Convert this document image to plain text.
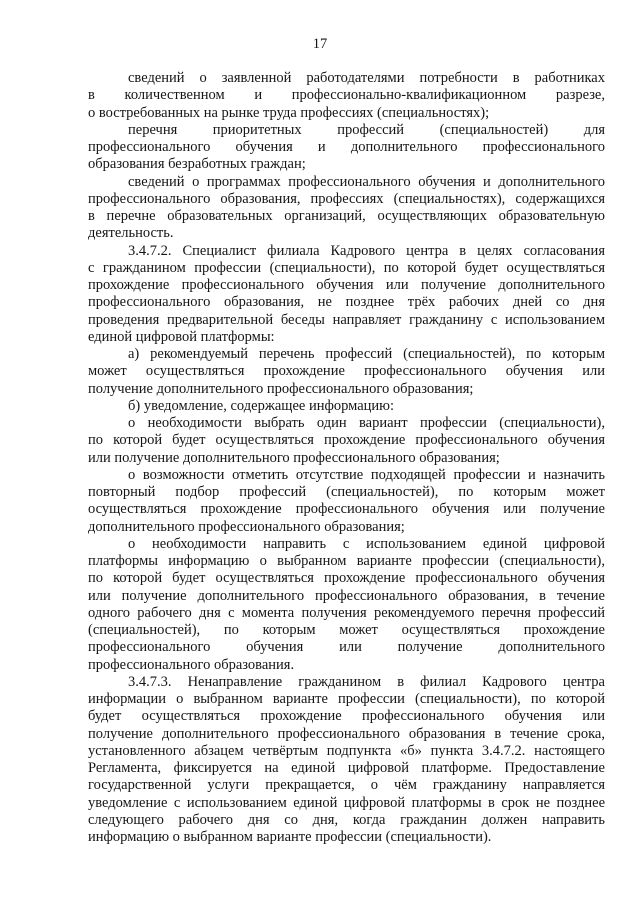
17
сведений о заявленной работодателями потребности в работниках
в количественном и профессионально-квалификационном разрезе,
о востребованных на рынке труда профессиях (специальностях);
перечня приоритетных профессий (специальностей) для
профессионального обучения и дополнительного профессионального
образования безработных граждан;
сведений о программах профессионального обучения и дополнительного
профессионального образования, профессиях (специальностях), содержащихся
в перечне образовательных организаций, осуществляющих образовательную
деятельность.
3.4.7.2. Специалист филиала Кадрового центра в целях согласования
с гражданином профессии (специальности), по которой будет осуществляться
прохождение профессионального обучения или получение дополнительного
профессионального образования, не позднее трёх рабочих дней со дня
проведения предварительной беседы направляет гражданину с использованием
единой цифровой платформы:
а) рекомендуемый перечень профессий (специальностей), по которым
может осуществляться прохождение профессионального обучения или
получение дополнительного профессионального образования;
б) уведомление, содержащее информацию:
о необходимости выбрать один вариант профессии (специальности),
по которой будет осуществляться прохождение профессионального обучения
или получение дополнительного профессионального образования;
о возможности отметить отсутствие подходящей профессии и назначить
повторный подбор профессий (специальностей), по которым может
осуществляться прохождение профессионального обучения или получение
дополнительного профессионального образования;
о необходимости направить с использованием единой цифровой
платформы информацию о выбранном варианте профессии (специальности),
по которой будет осуществляться прохождение профессионального обучения
или получение дополнительного профессионального образования, в течение
одного рабочего дня с момента получения рекомендуемого перечня профессий
(специальностей), по которым может осуществляться прохождение
профессионального обучения или получение дополнительного
профессионального образования.
3.4.7.3. Ненаправление гражданином в филиал Кадрового центра
информации о выбранном варианте профессии (специальности), по которой
будет осуществляться прохождение профессионального обучения или
получение дополнительного профессионального образования в течение срока,
установленного абзацем четвёртым подпункта «б» пункта 3.4.7.2. настоящего
Регламента, фиксируется на единой цифровой платформе. Предоставление
государственной услуги прекращается, о чём гражданину направляется
уведомление с использованием единой цифровой платформы в срок не позднее
следующего рабочего дня со дня, когда гражданин должен направить
информацию о выбранном варианте профессии (специальности).
